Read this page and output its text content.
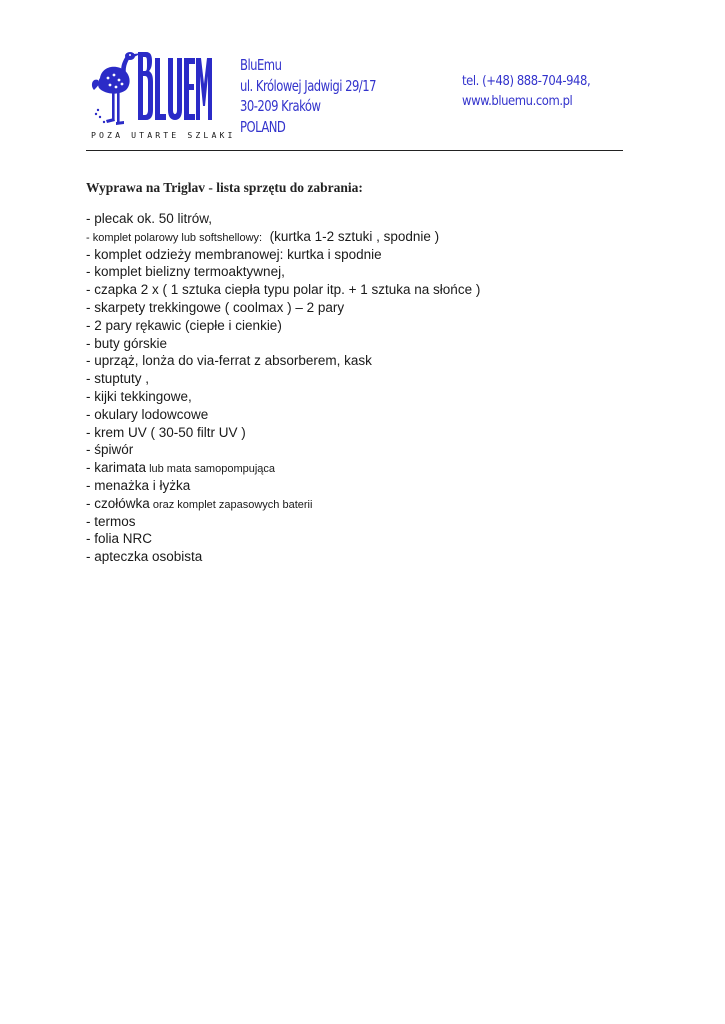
POZA UTARTE SZLAKI
BluEmu
ul. Królowej Jadwigi 29/17
30-209 Kraków
POLAND
tel. (+48) 888-704-948,
www.bluemu.com.pl
Wyprawa na Triglav - lista sprzętu do zabrania:
- plecak ok. 50 litrów,
- komplet polarowy lub softshellowy:  (kurtka 1-2 sztuki , spodnie )
- komplet odzieży membranowej: kurtka i spodnie
- komplet bielizny termoaktywnej,
- czapka 2 x ( 1 sztuka ciepła typu polar itp. + 1 sztuka na słońce )
- skarpety trekkingowe ( coolmax ) – 2 pary
- 2 pary rękawic (ciepłe i cienkie)
- buty górskie
- uprząż, lonża do via-ferrat z absorberem, kask
- stuptuty ,
- kijki tekkingowe,
- okulary lodowcowe
- krem UV ( 30-50 filtr UV )
- śpiwór
- karimata lub mata samopompująca
- menażka i łyżka
- czołówka oraz komplet zapasowych baterii
- termos
- folia NRC
- apteczka osobista
